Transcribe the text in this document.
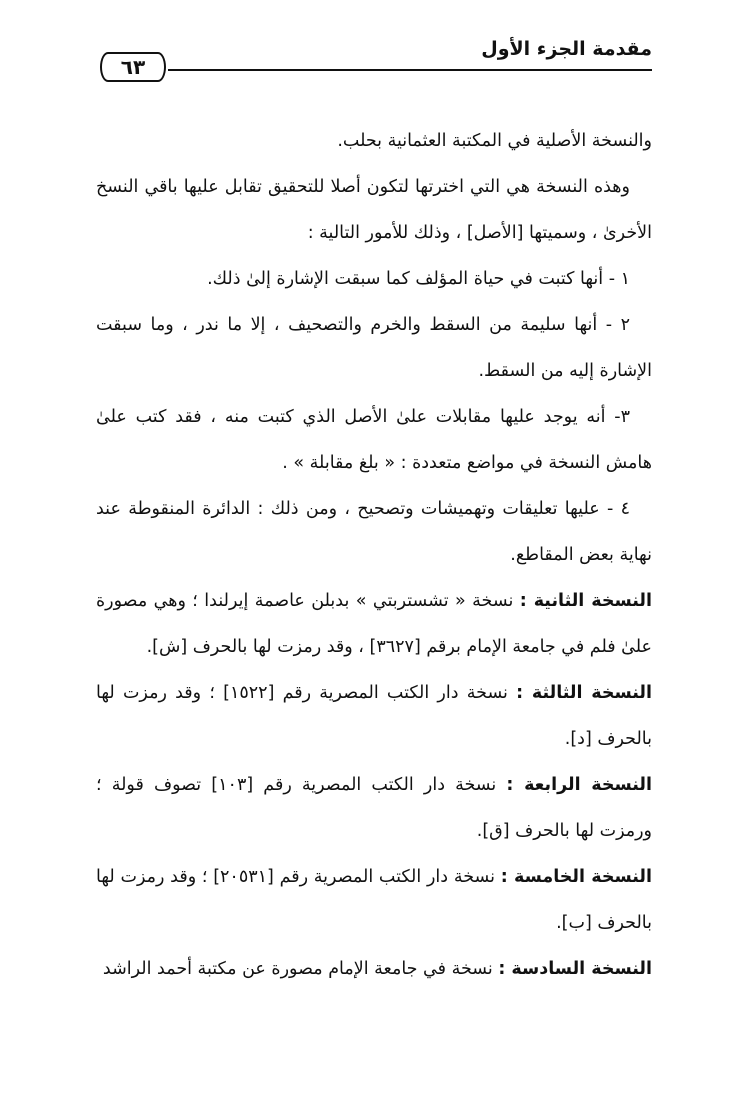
مقدمة الجزء الأول
٦٣

والنسخة الأصلية في المكتبة العثمانية بحلب.

وهذه النسخة هي التي اخترتها لتكون أصلا للتحقيق تقابل عليها باقي النسخ الأخرىٰ ، وسميتها [الأصل] ، وذلك للأمور التالية :

١ - أنها كتبت في حياة المؤلف كما سبقت الإشارة إلىٰ ذلك.

٢ - أنها سليمة من السقط والخرم والتصحيف ، إلا ما ندر ، وما سبقت الإشارة إليه من السقط.

٣- أنه يوجد عليها مقابلات علىٰ الأصل الذي كتبت منه ، فقد كتب علىٰ هامش النسخة في مواضع متعددة : « بلغ مقابلة » .

٤ - عليها تعليقات وتهميشات وتصحيح ، ومن ذلك : الدائرة المنقوطة عند نهاية بعض المقاطع.

النسخة الثانية : نسخة « تشستربتي » بدبلن عاصمة إيرلندا ؛ وهي مصورة علىٰ فلم في جامعة الإمام برقم [٣٦٢٧] ، وقد رمزت لها بالحرف [ش].

النسخة الثالثة : نسخة دار الكتب المصرية رقم [١٥٢٢] ؛ وقد رمزت لها بالحرف [د].

النسخة الرابعة : نسخة دار الكتب المصرية رقم [١٠٣] تصوف قولة ؛ ورمزت لها بالحرف [ق].

النسخة الخامسة : نسخة دار الكتب المصرية رقم [٢٠٥٣١] ؛ وقد رمزت لها بالحرف [ب].

النسخة السادسة : نسخة في جامعة الإمام مصورة عن مكتبة أحمد الراشد
